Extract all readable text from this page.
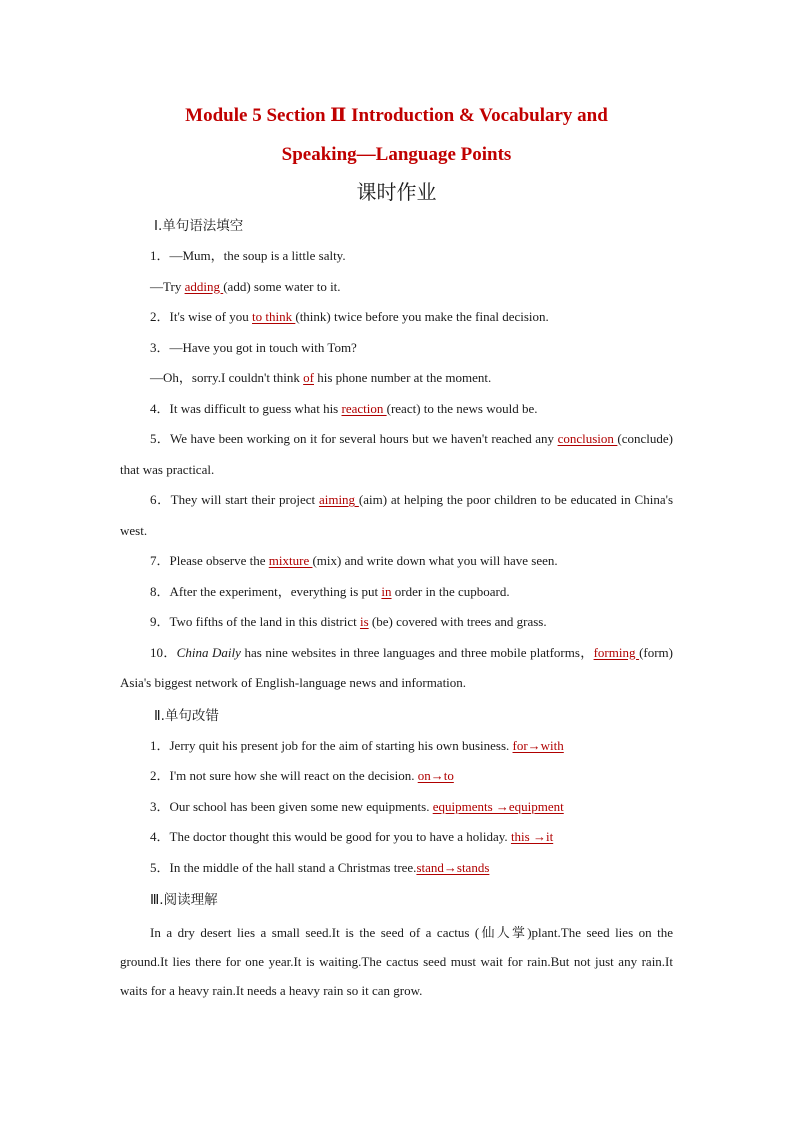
Module 5 Section Ⅱ Introduction & Vocabulary and
Speaking—Language Points
课时作业
Ⅰ.单句语法填空
1．—Mum，the soup is a little salty.
—Try adding (add) some water to it.
2．It's wise of you to think (think) twice before you make the final decision.
3．—Have you got in touch with Tom?
—Oh，sorry.I couldn't think of his phone number at the moment.
4．It was difficult to guess what his reaction (react) to the news would be.
5．We have been working on it for several hours but we haven't reached any conclusion (conclude) that was practical.
6．They will start their project aiming (aim) at helping the poor children to be educated in China's west.
7．Please observe the mixture (mix) and write down what you will have seen.
8．After the experiment，everything is put in order in the cupboard.
9．Two fifths of the land in this district is (be) covered with trees and grass.
10．China Daily has nine websites in three languages and three mobile platforms，forming (form) Asia's biggest network of English-language news and information.
Ⅱ.单句改错
1．Jerry quit his present job for the aim of starting his own business. for→with
2．I'm not sure how she will react on the decision. on→to
3．Our school has been given some new equipments. equipments →equipment
4．The doctor thought this would be good for you to have a holiday. this →it
5．In the middle of the hall stand a Christmas tree.stand→stands
Ⅲ.阅读理解
In a dry desert lies a small seed.It is the seed of a cactus (仙人掌)plant.The seed lies on the ground.It lies there for one year.It is waiting.The cactus seed must wait for rain.But not just any rain.It waits for a heavy rain.It needs a heavy rain so it can grow.
